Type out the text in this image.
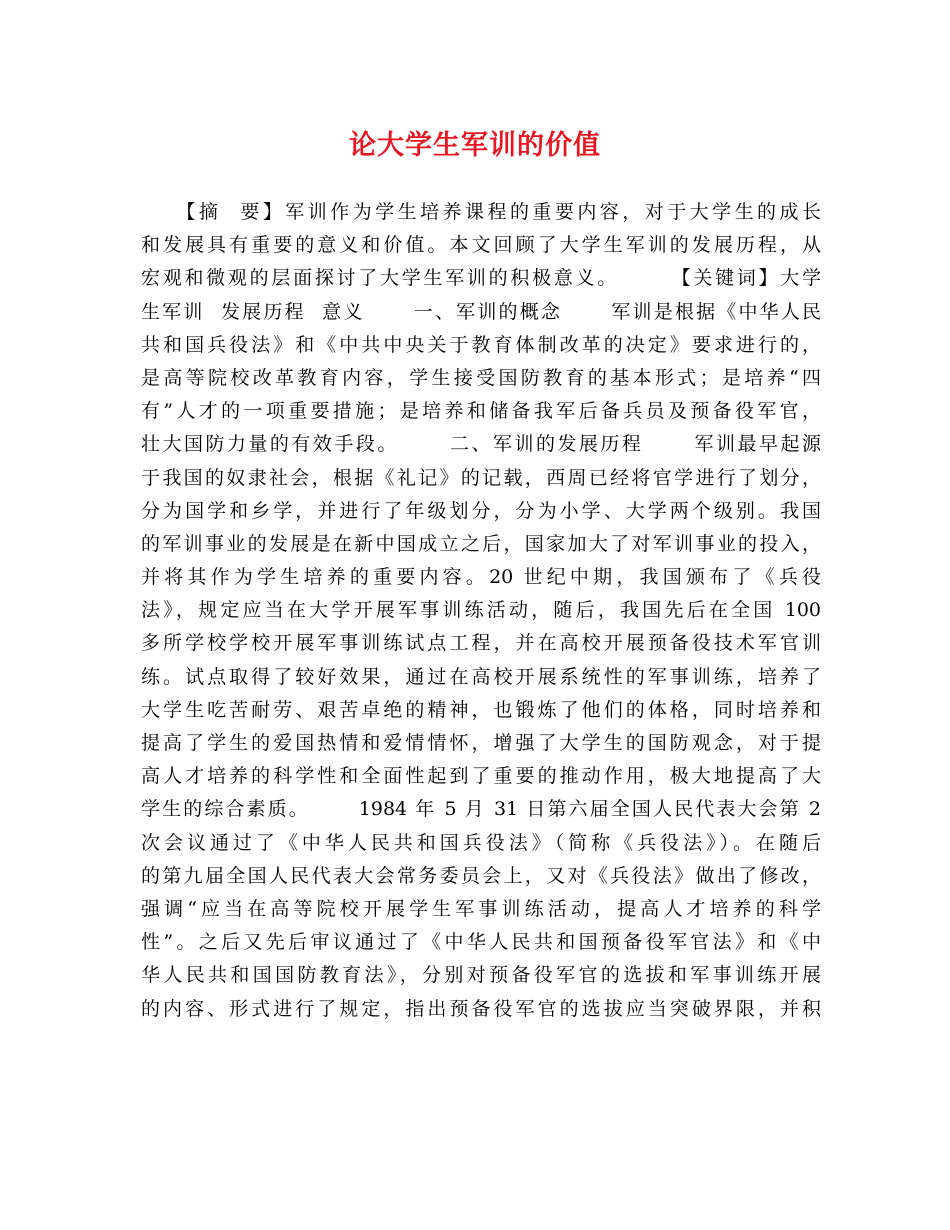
论大学生军训的价值
　　【摘  要】军训作为学生培养课程的重要内容，对于大学生的成长
和发展具有重要的意义和价值。本文回顾了大学生军训的发展历程，从
宏观和微观的层面探讨了大学生军训的积极意义。      【关键词】大学
生军训  发展历程  意义      一、军训的概念      军训是根据《中华人民
共和国兵役法》和《中共中央关于教育体制改革的决定》要求进行的，
是高等院校改革教育内容，学生接受国防教育的基本形式；是培养“四
有”人才的一项重要措施；是培养和储备我军后备兵员及预备役军官，
壮大国防力量的有效手段。      二、军训的发展历程      军训最早起源
于我国的奴隶社会，根据《礼记》的记载，西周已经将官学进行了划分，
分为国学和乡学，并进行了年级划分，分为小学、大学两个级别。我国
的军训事业的发展是在新中国成立之后，国家加大了对军训事业的投入，
并将其作为学生培养的重要内容。20 世纪中期，我国颁布了《兵役
法》，规定应当在大学开展军事训练活动，随后，我国先后在全国 100
多所学校学校开展军事训练试点工程，并在高校开展预备役技术军官训
练。试点取得了较好效果，通过在高校开展系统性的军事训练，培养了
大学生吃苦耐劳、艰苦卓绝的精神，也锻炼了他们的体格，同时培养和
提高了学生的爱国热情和爱情情怀，增强了大学生的国防观念，对于提
高人才培养的科学性和全面性起到了重要的推动作用，极大地提高了大
学生的综合素质。      1984 年 5 月 31 日第六届全国人民代表大会第 2
次会议通过了《中华人民共和国兵役法》（简称《兵役法》）。在随后
的第九届全国人民代表大会常务委员会上，又对《兵役法》做出了修改，
强调“应当在高等院校开展学生军事训练活动，提高人才培养的科学
性”。之后又先后审议通过了《中华人民共和国预备役军官法》和《中
华人民共和国国防教育法》，分别对预备役军官的选拔和军事训练开展
的内容、形式进行了规定，指出预备役军官的选拔应当突破界限，并积
